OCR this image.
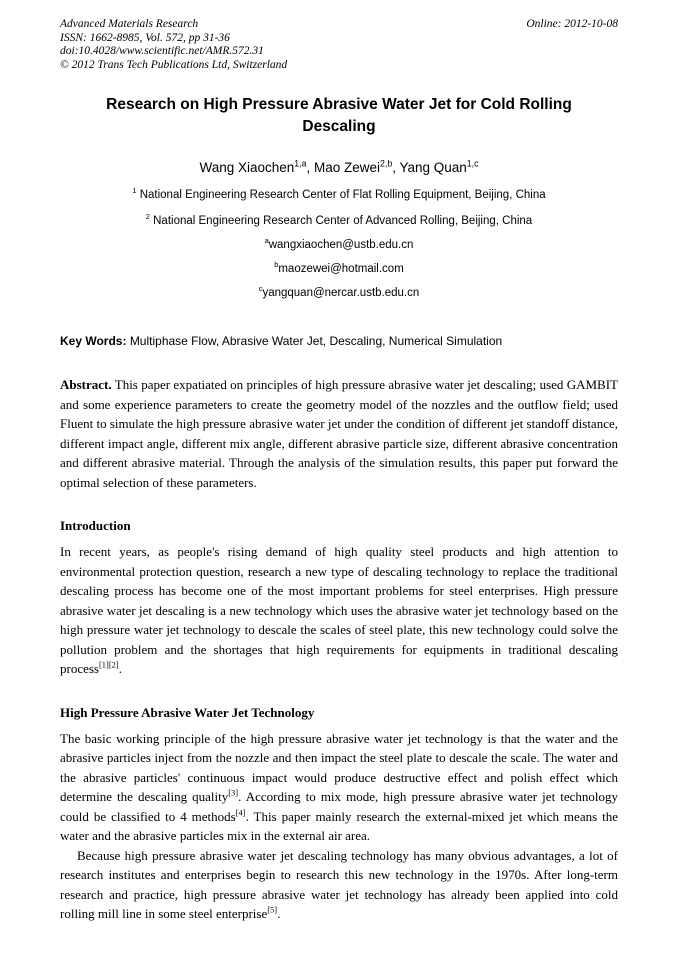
Advanced Materials Research
ISSN: 1662-8985, Vol. 572, pp 31-36
doi:10.4028/www.scientific.net/AMR.572.31
© 2012 Trans Tech Publications Ltd, Switzerland
Online: 2012-10-08
Research on High Pressure Abrasive Water Jet for Cold Rolling Descaling
Wang Xiaochen$^{1,a}$, Mao Zewei$^{2,b}$, Yang Quan$^{1,c}$
$^1$ National Engineering Research Center of Flat Rolling Equipment, Beijing, China
$^2$ National Engineering Research Center of Advanced Rolling, Beijing, China
$^a$wangxiaochen@ustb.edu.cn
$^b$maozewei@hotmail.com
$^c$yangquan@nercar.ustb.edu.cn

Key Words: Multiphase Flow, Abrasive Water Jet, Descaling, Numerical Simulation

Abstract. This paper expatiated on principles of high pressure abrasive water jet descaling; used GAMBIT and some experience parameters to create the geometry model of the nozzles and the outflow field; used Fluent to simulate the high pressure abrasive water jet under the condition of different jet standoff distance, different impact angle, different mix angle, different abrasive particle size, different abrasive concentration and different abrasive material. Through the analysis of the simulation results, this paper put forward the optimal selection of these parameters.

Introduction

In recent years, as people's rising demand of high quality steel products and high attention to environmental protection question, research a new type of descaling technology to replace the traditional descaling process has become one of the most important problems for steel enterprises. High pressure abrasive water jet descaling is a new technology which uses the abrasive water jet technology based on the high pressure water jet technology to descale the scales of steel plate, this new technology could solve the pollution problem and the shortages that high requirements for equipments in traditional descaling process[1][2].

High Pressure Abrasive Water Jet Technology

The basic working principle of the high pressure abrasive water jet technology is that the water and the abrasive particles inject from the nozzle and then impact the steel plate to descale the scale. The water and the abrasive particles' continuous impact would produce destructive effect and polish effect which determine the descaling quality[3]. According to mix mode, high pressure abrasive water jet technology could be classified to 4 methods[4]. This paper mainly research the external-mixed jet which means the water and the abrasive particles mix in the external air area.

Because high pressure abrasive water jet descaling technology has many obvious advantages, a lot of research institutes and enterprises begin to research this new technology in the 1970s. After long-term research and practice, high pressure abrasive water jet technology has already been applied into cold rolling mill line in some steel enterprise[5].
